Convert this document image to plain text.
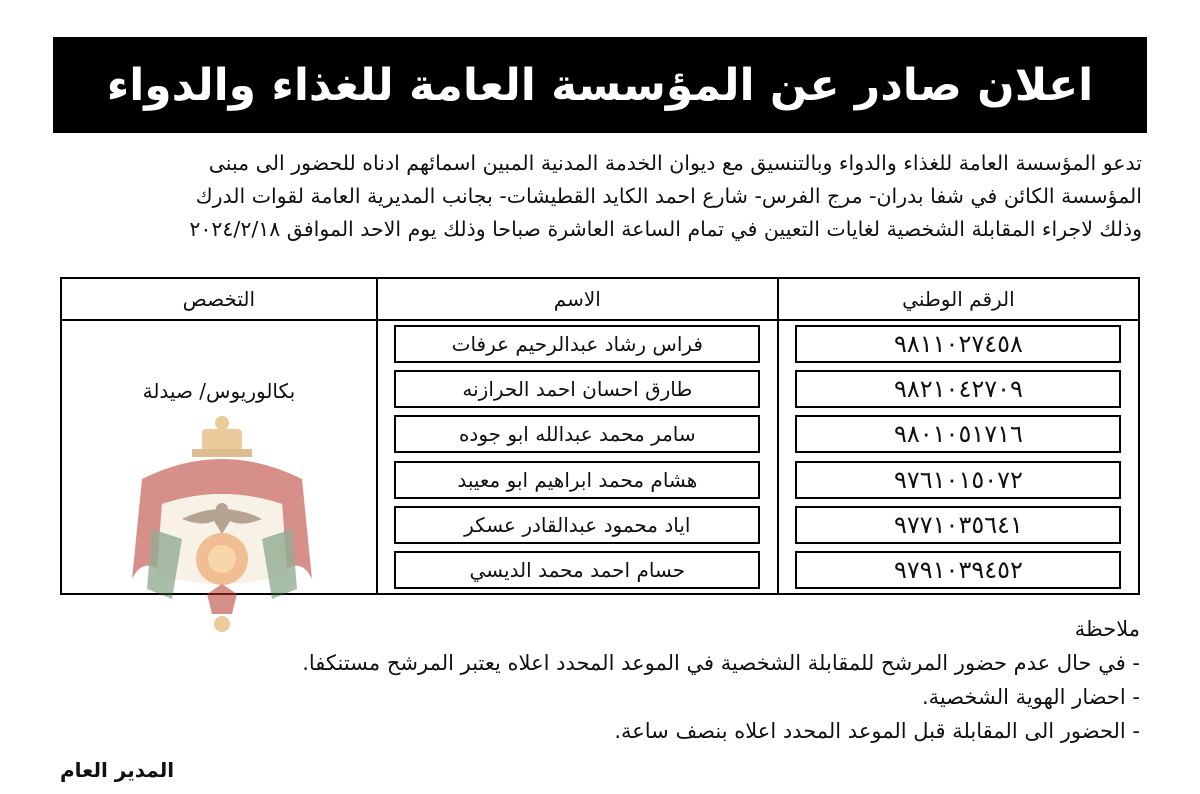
اعلان صادر عن المؤسسة العامة للغذاء والدواء

تدعو المؤسسة العامة للغذاء والدواء وبالتنسيق مع ديوان الخدمة المدنية المبين اسمائهم ادناه للحضور الى مبنى

المؤسسة الكائن في شفا بدران- مرج الفرس- شارع احمد الكايد القطيشات- بجانب المديرية العامة لقوات الدرك

وذلك لاجراء المقابلة الشخصية لغايات التعيين في تمام الساعة العاشرة صباحا وذلك يوم الاحد الموافق ٢٠٢٤/٢/١٨

الرقم الوطني	الاسم	التخصص

٩٨١١٠٢٧٤٥٨	فراس رشاد عبدالرحيم عرفات	بكالوريوس/ صيدلة

٩٨٢١٠٤٢٧٠٩	طارق احسان احمد الحرازنه	

٩٨٠١٠٥١٧١٦	سامر محمد عبدالله ابو جوده	

٩٧٦١٠١٥٠٧٢	هشام محمد ابراهيم ابو معيبد	

٩٧٧١٠٣٥٦٤١	اياد محمود عبدالقادر عسكر	

٩٧٩١٠٣٩٤٥٢	حسام احمد محمد الديسي	

ملاحظة

- في حال عدم حضور المرشح للمقابلة الشخصية في الموعد المحدد اعلاه يعتبر المرشح مستنكفا.

- احضار الهوية الشخصية.

- الحضور الى المقابلة قبل الموعد المحدد اعلاه بنصف ساعة.

المدير العام
